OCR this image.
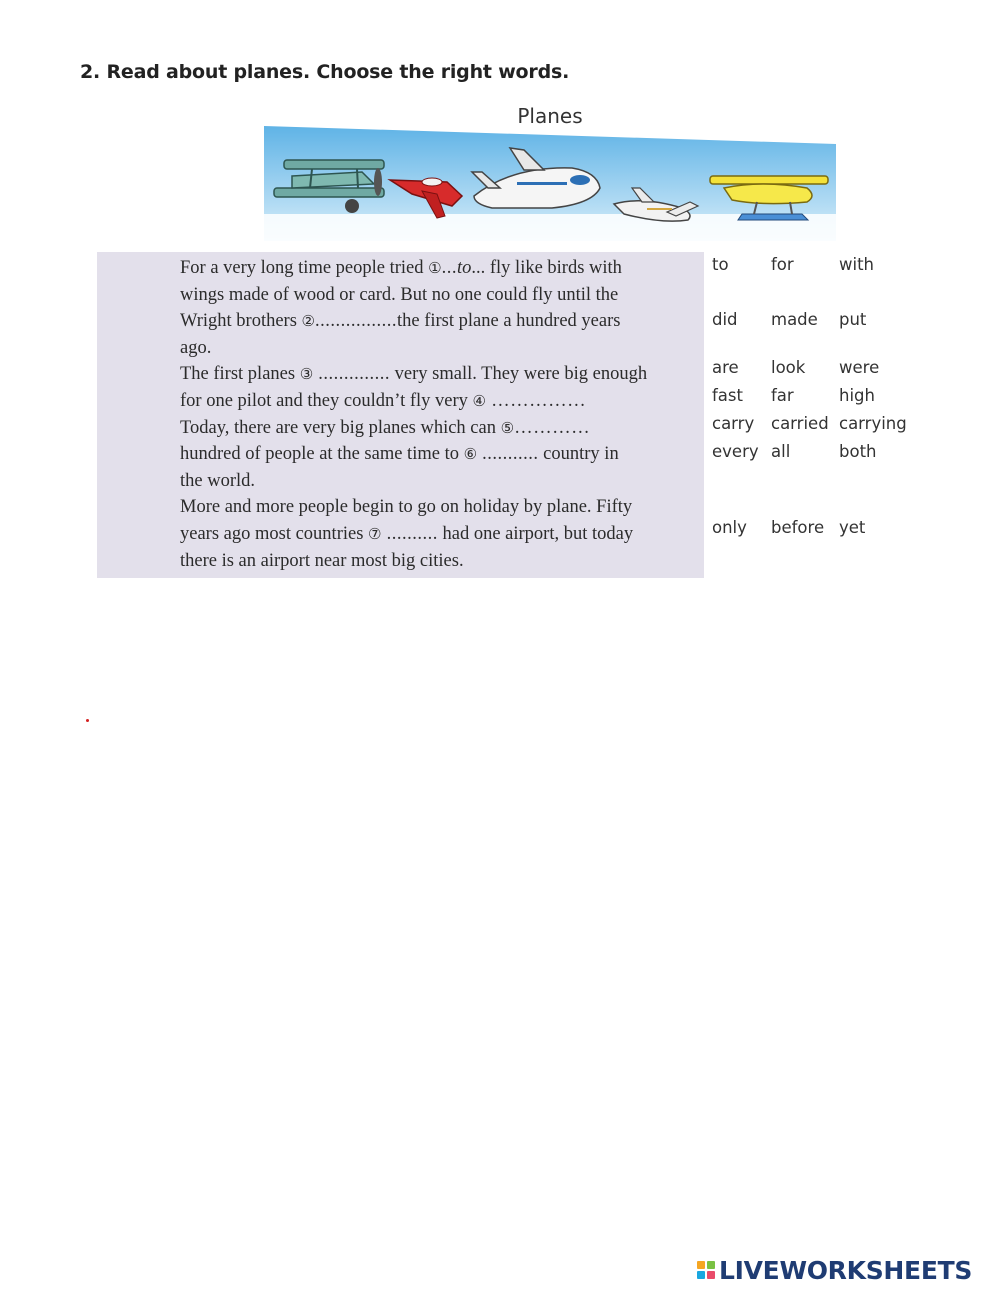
2. Read about planes. Choose the right words.
Planes
For a very long time people tried ①...to... fly like birds with
wings made of wood or card. But no one could fly until the
Wright brothers ②................the first plane a hundred years
ago.
The first planes ③ .............. very small. They were big enough
for one pilot and they couldn’t fly very ④ ……………
Today, there are very big planes which can ⑤…………
hundred of people at the same time to ⑥ ........... country in
the world.
More and more people begin to go on holiday by plane. Fifty
years ago most countries ⑦ .......... had one airport, but today
there is an airport near most big cities.
to	for	with
did made put
are look were
fast far	high
carry carried carrying
every all	both
only before yet
LIVEWORKSHEETS
